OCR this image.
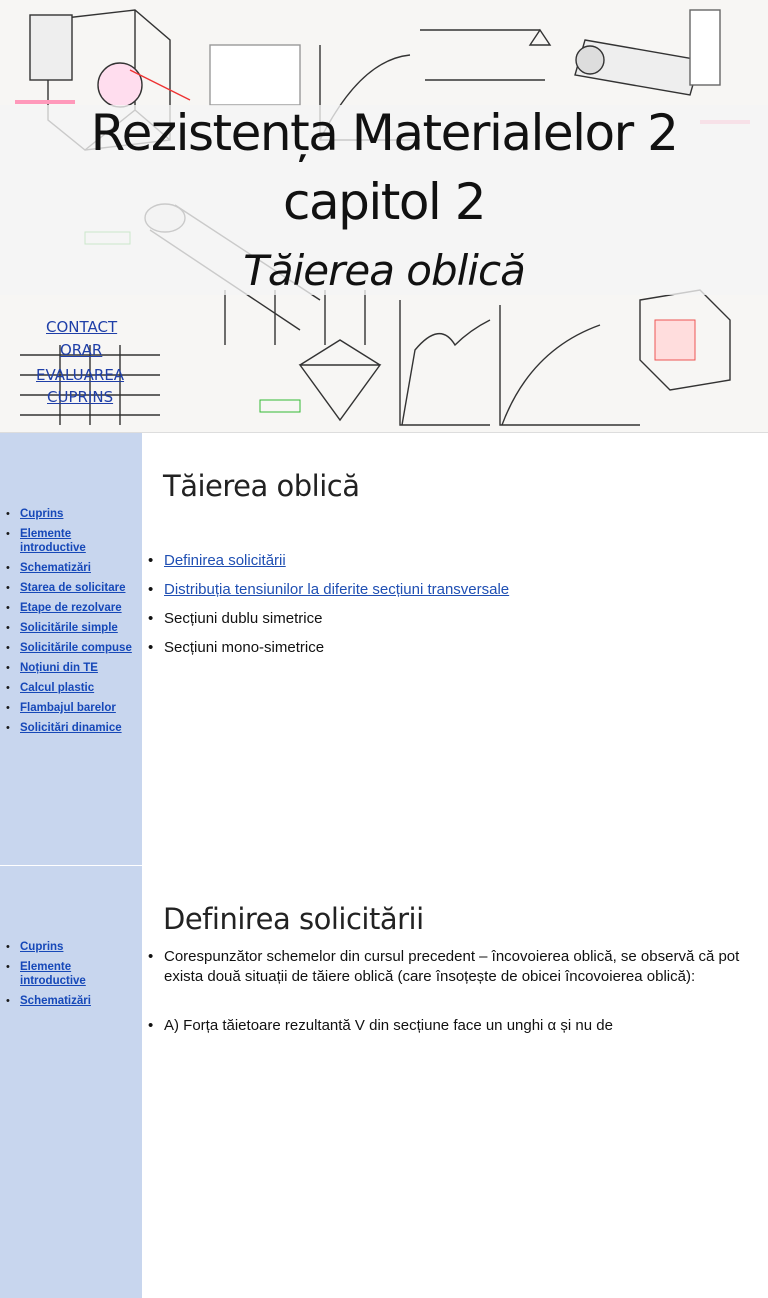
Rezistența Materialelor 2
capitol 2
Tăierea oblică
CONTACT
ORAR
EVALUAREA
CUPRINS
• Cuprins
• Elemente introductive
• Schematizări
• Starea de solicitare
• Etape de rezolvare
• Solicitările simple
• Solicitările compuse
• Noțiuni din TE
• Calcul plastic
• Flambajul barelor
• Solicitări dinamice
Tăierea oblică
• Definirea solicitării
• Distribuția tensiunilor la diferite secțiuni transversale
• Secțiuni dublu simetrice
• Secțiuni mono-simetrice
• Cuprins
• Elemente introductive
• Schematizări
Definirea solicitării
• Corespunzător schemelor din cursul precedent – încovoierea oblică, se observă că pot exista două situații de tăiere oblică (care însoțește de obicei încovoierea oblică):
• A) Forța tăietoare rezultantă V din secțiune face un unghi α și nu de
